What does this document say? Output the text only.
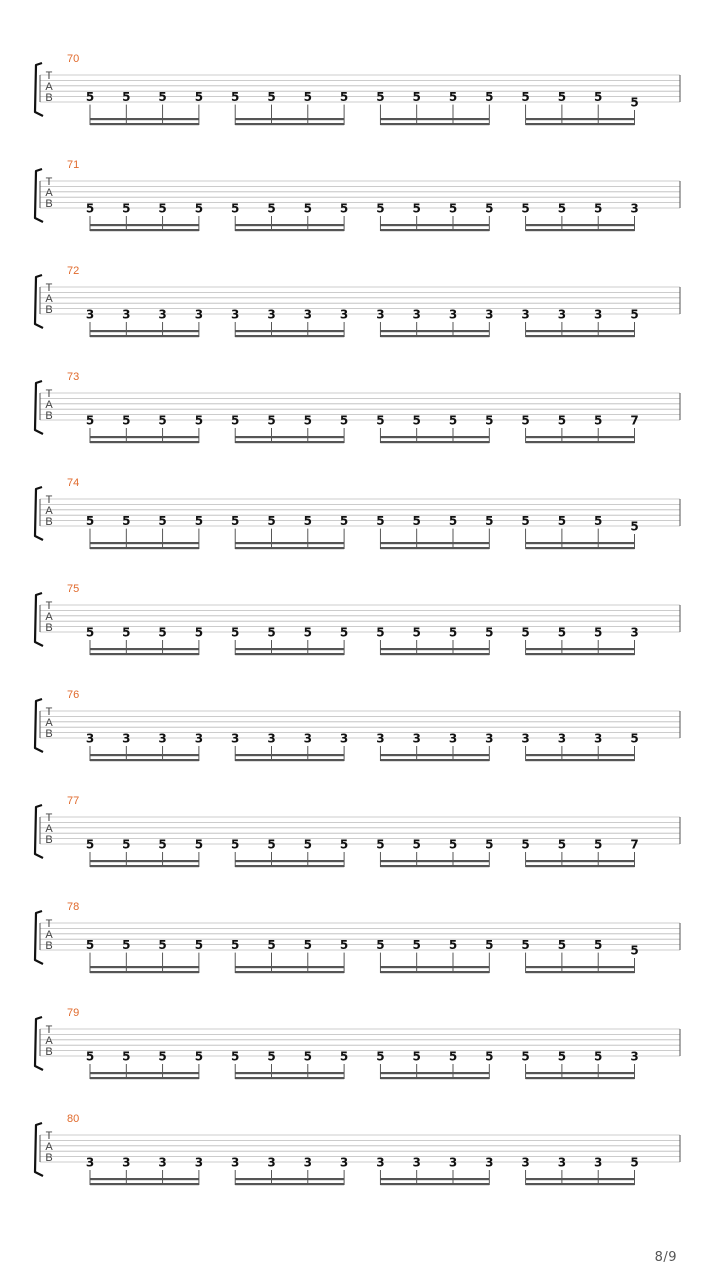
T
A
B
70
5 5 5 5 5 5 5 5 5 5 5 5 5 5 5 5
T
A
B
71
5 5 5 5 5 5 5 5 5 5 5 5 5 5 5 3
T
A
B
72
3 3 3 3 3 3 3 3 3 3 3 3 3 3 3 5
T
A
B
73
5 5 5 5 5 5 5 5 5 5 5 5 5 5 5 7
T
A
B
74
5 5 5 5 5 5 5 5 5 5 5 5 5 5 5 5
T
A
B
75
5 5 5 5 5 5 5 5 5 5 5 5 5 5 5 3
T
A
B
76
3 3 3 3 3 3 3 3 3 3 3 3 3 3 3 5
T
A
B
77
5 5 5 5 5 5 5 5 5 5 5 5 5 5 5 7
T
A
B
78
5 5 5 5 5 5 5 5 5 5 5 5 5 5 5 5
T
A
B
79
5 5 5 5 5 5 5 5 5 5 5 5 5 5 5 3
T
A
B
80
3 3 3 3 3 3 3 3 3 3 3 3 3 3 3 5
8/9
